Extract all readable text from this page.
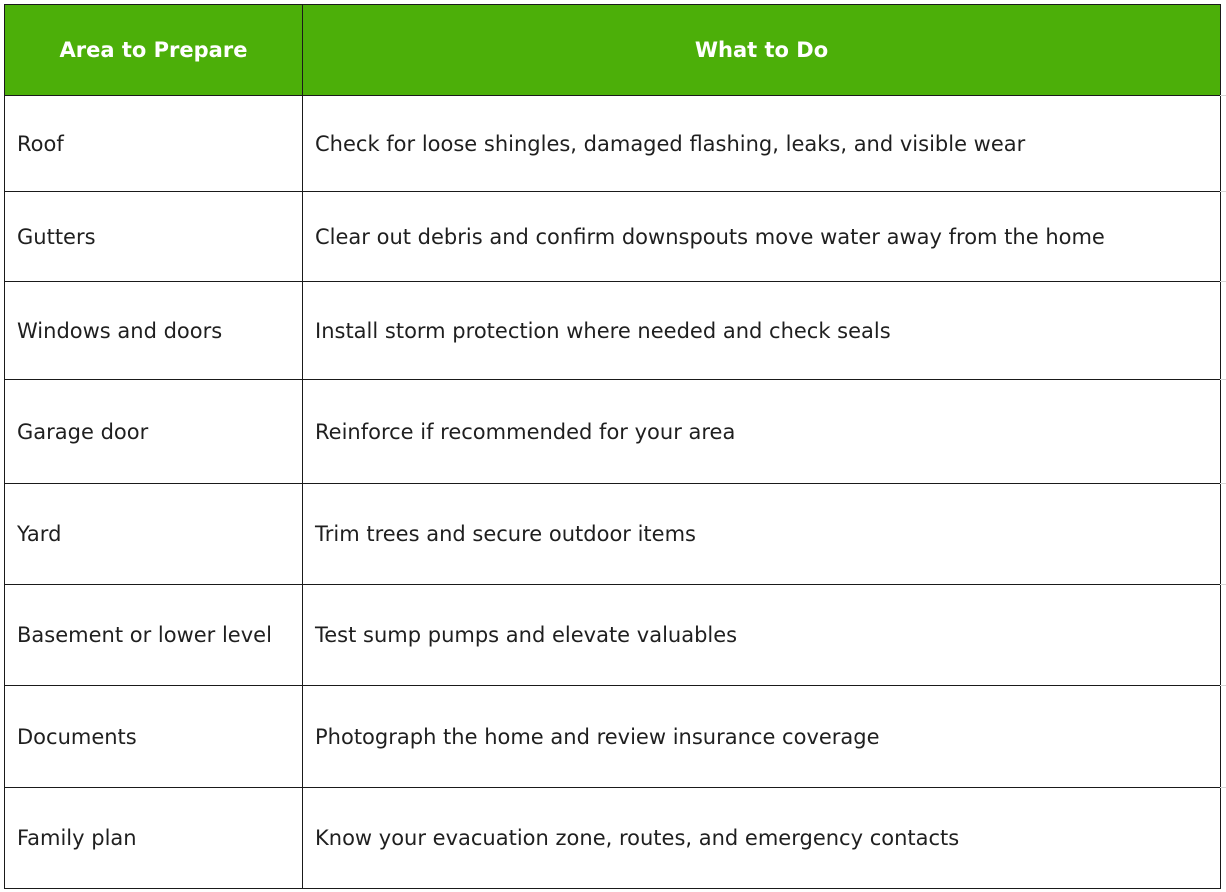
Area to Prepare	What to Do
Roof	Check for loose shingles, damaged flashing, leaks, and visible wear
Gutters	Clear out debris and confirm downspouts move water away from the home
Windows and doors	Install storm protection where needed and check seals
Garage door	Reinforce if recommended for your area
Yard	Trim trees and secure outdoor items
Basement or lower level	Test sump pumps and elevate valuables
Documents	Photograph the home and review insurance coverage
Family plan	Know your evacuation zone, routes, and emergency contacts
